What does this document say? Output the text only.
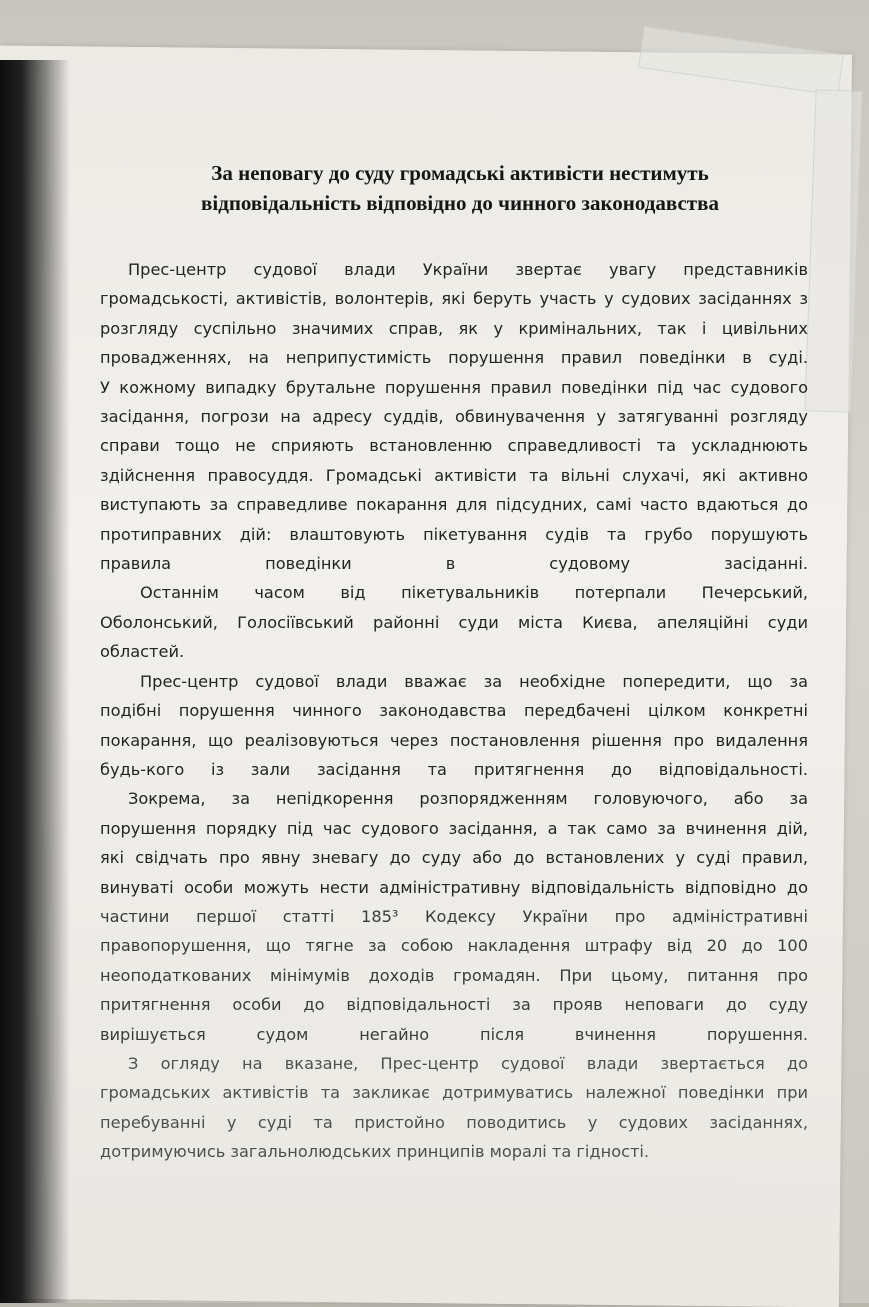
За неповагу до суду громадські активісти нестимуть
відповідальність відповідно до чинного законодавства
Прес-центр судової влади України звертає увагу представників
громадськості, активістів, волонтерів, які беруть участь у судових засіданнях з
розгляду суспільно значимих справ, як у кримінальних, так і цивільних
провадженнях, на неприпустимість порушення правил поведінки в суді.
У кожному випадку брутальне порушення правил поведінки під час судового
засідання, погрози на адресу суддів, обвинувачення у затягуванні розгляду
справи тощо не сприяють встановленню справедливості та ускладнюють
здійснення правосуддя. Громадські активісти та вільні слухачі, які активно
виступають за справедливе покарання для підсудних, самі часто вдаються до
протиправних дій: влаштовують пікетування судів та грубо порушують
правила поведінки в судовому засіданні.
Останнім часом від пікетувальників потерпали Печерський,
Оболонський, Голосіївський районні суди міста Києва, апеляційні суди
областей.
Прес-центр судової влади вважає за необхідне попередити, що за
подібні порушення чинного законодавства передбачені цілком конкретні
покарання, що реалізовуються через постановлення рішення про видалення
будь-кого із зали засідання та притягнення до відповідальності.
Зокрема, за непідкорення розпорядженням головуючого, або за
порушення порядку під час судового засідання, а так само за вчинення дій,
які свідчать про явну зневагу до суду або до встановлених у суді правил,
винуваті особи можуть нести адміністративну відповідальність відповідно до
частини першої статті 185³ Кодексу України про адміністративні
правопорушення, що тягне за собою накладення штрафу від 20 до 100
неоподаткованих мінімумів доходів громадян. При цьому, питання про
притягнення особи до відповідальності за прояв неповаги до суду
вирішується судом негайно після вчинення порушення.
З огляду на вказане, Прес-центр судової влади звертається до
громадських активістів та закликає дотримуватись належної поведінки при
перебуванні у суді та пристойно поводитись у судових засіданнях,
дотримуючись загальнолюдських принципів моралі та гідності.
